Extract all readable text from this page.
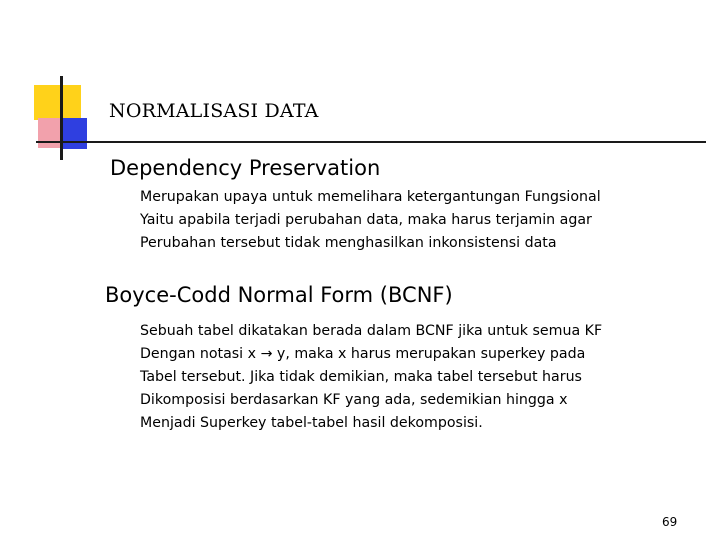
NORMALISASI DATA
Dependency Preservation
Merupakan upaya untuk memelihara ketergantungan Fungsional
Yaitu apabila terjadi perubahan data, maka harus terjamin agar
Perubahan tersebut tidak menghasilkan inkonsistensi data
Boyce-Codd Normal Form (BCNF)
Sebuah tabel dikatakan berada dalam BCNF jika untuk semua KF
Dengan notasi x → y, maka x harus merupakan superkey pada
Tabel tersebut. Jika tidak demikian, maka tabel tersebut harus
Dikomposisi berdasarkan KF yang ada, sedemikian hingga x
Menjadi Superkey tabel-tabel hasil dekomposisi.
69
